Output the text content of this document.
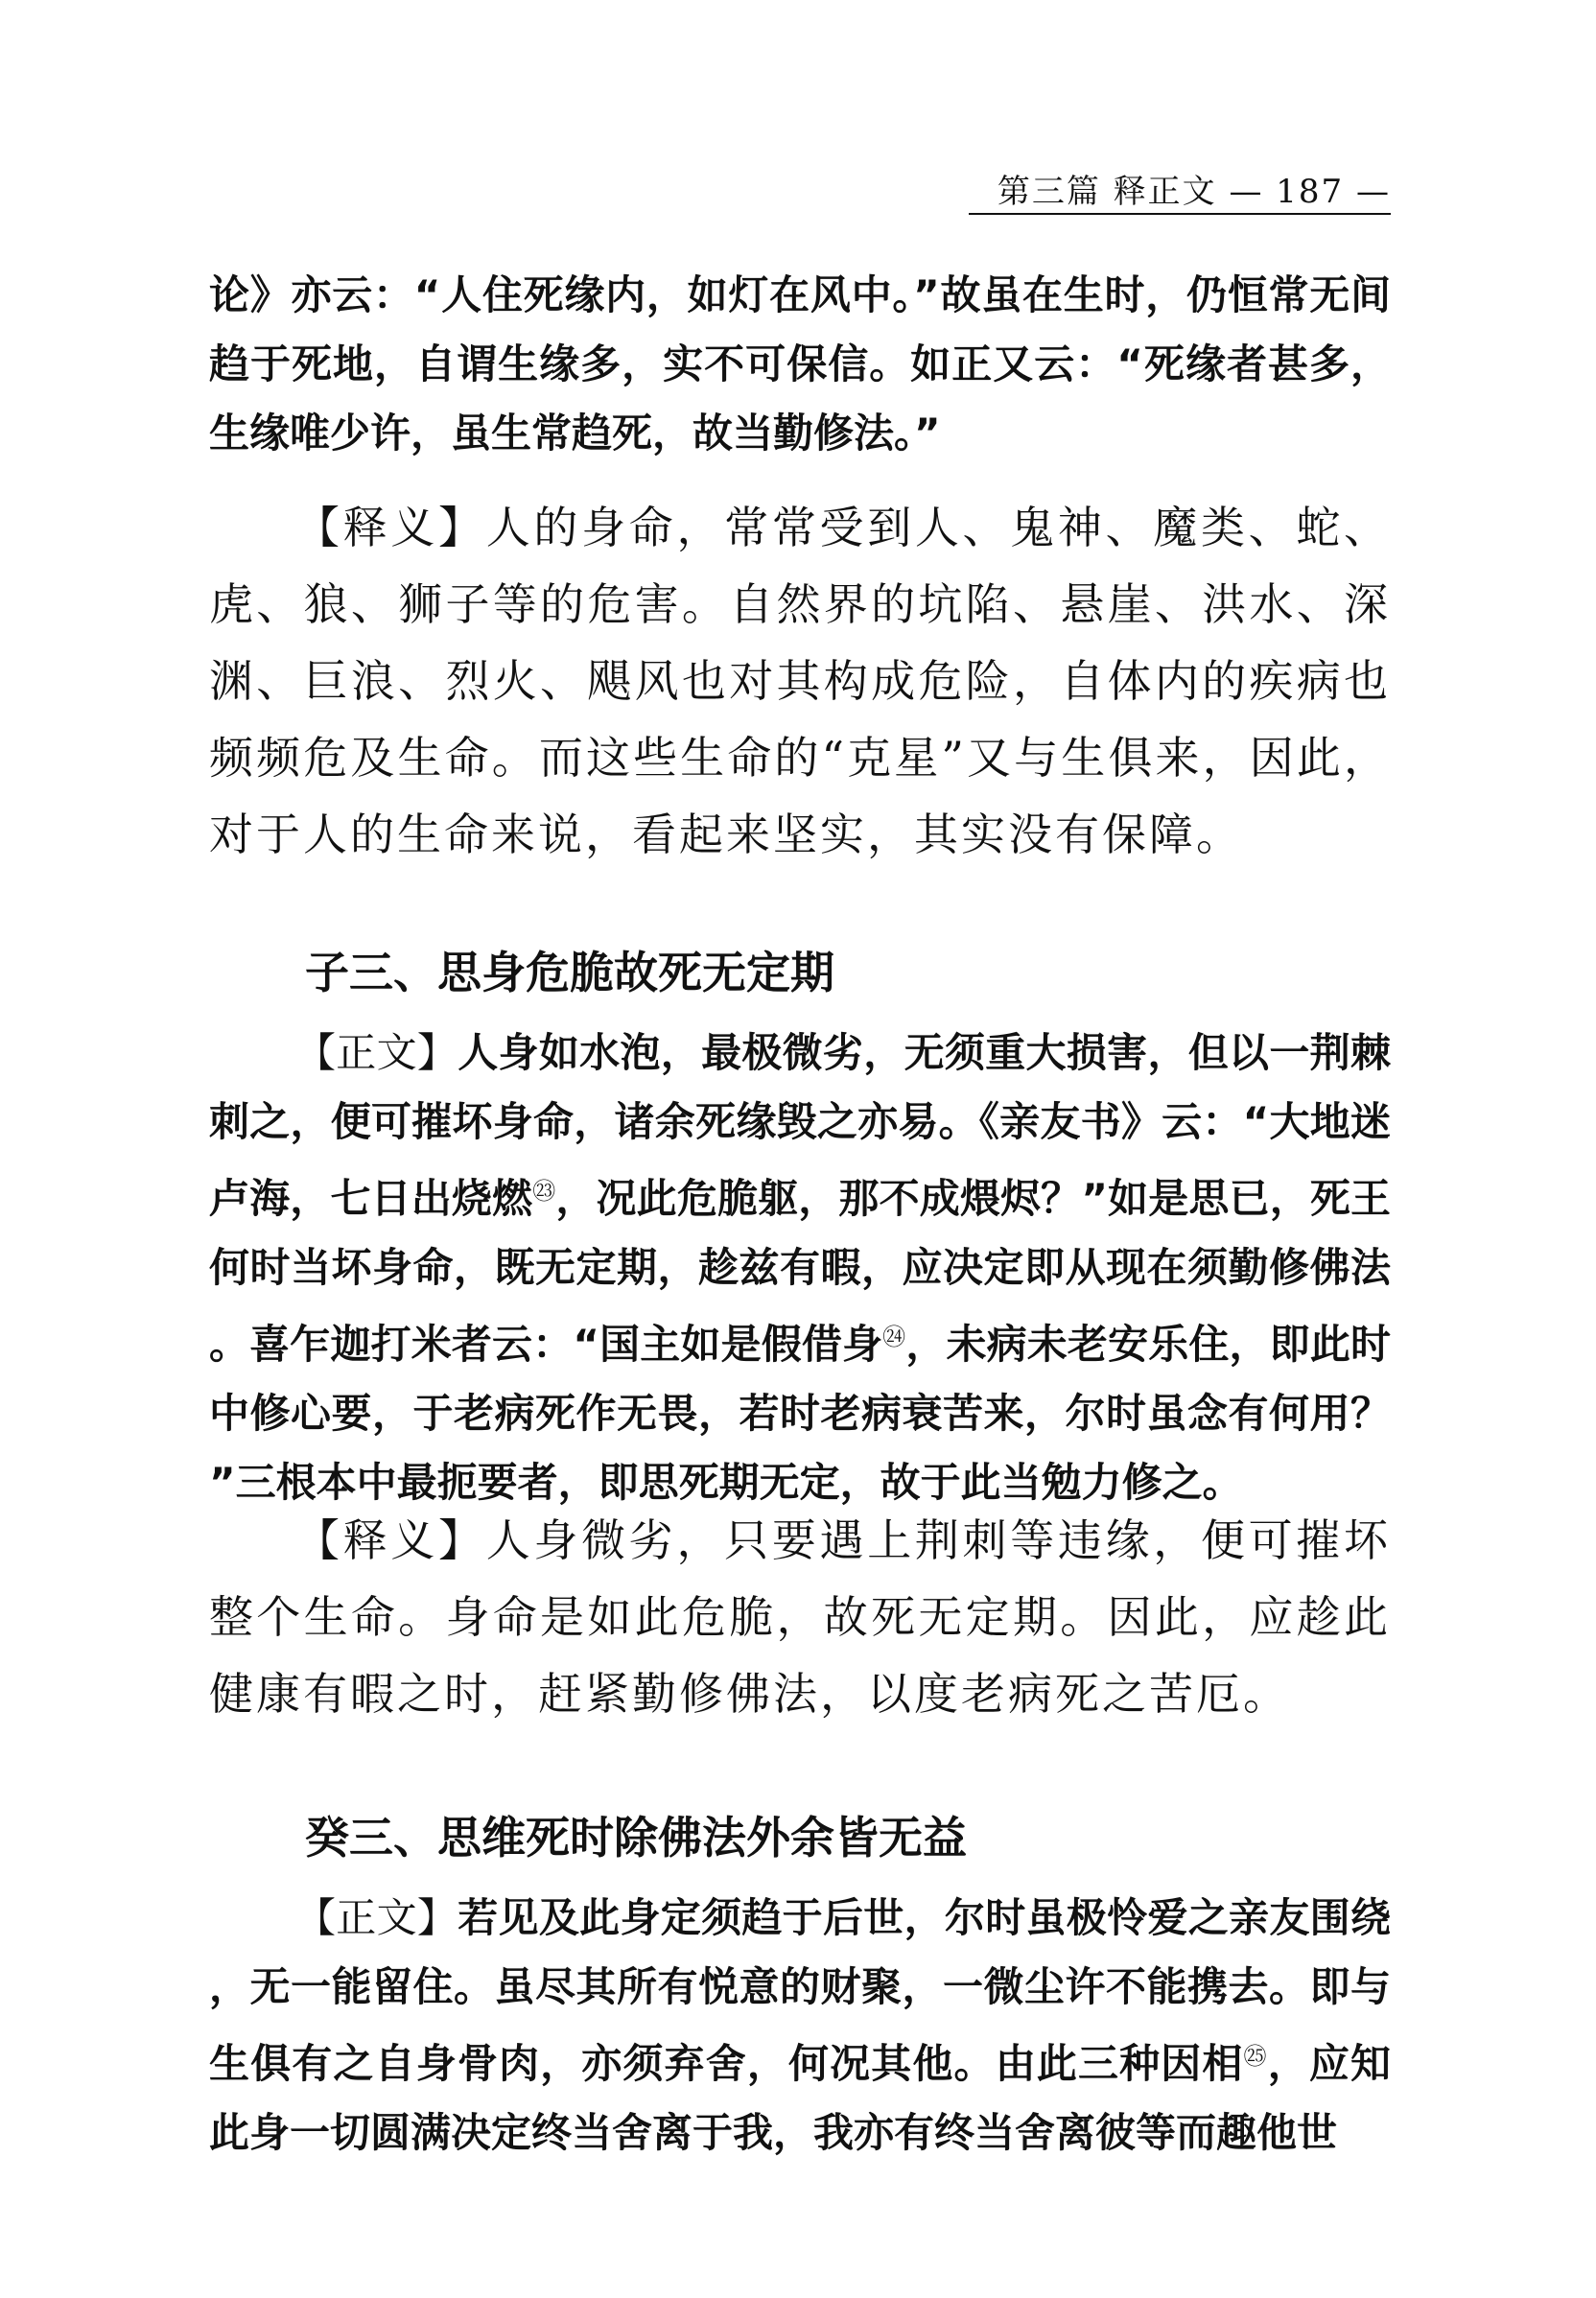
第三篇 释正文 — 187 —

论》亦云：“人住死缘内，如灯在风中。”故虽在生时，仍恒常无间趋于死地，自谓生缘多，实不可保信。如正又云：“死缘者甚多，生缘唯少许，虽生常趋死，故当勤修法。”

【释义】人的身命，常常受到人、鬼神、魔类、蛇、虎、狼、狮子等的危害。自然界的坑陷、悬崖、洪水、深渊、巨浪、烈火、飓风也对其构成危险，自体内的疾病也频频危及生命。而这些生命的“克星”又与生俱来，因此，对于人的生命来说，看起来坚实，其实没有保障。

子三、思身危脆故死无定期

【正文】人身如水泡，最极微劣，无须重大损害，但以一荆棘刺之，便可摧坏身命，诸余死缘毁之亦易。《亲友书》云：“大地迷卢海，七日出烧燃$^㉓$，况此危脆躯，那不成煨烬？”如是思已，死王何时当坏身命，既无定期，趁兹有暇，应决定即从现在须勤修佛法。喜乍迦打米者云：“国主如是假借身$^㉔$，未病未老安乐住，即此时中修心要，于老病死作无畏，若时老病衰苦来，尔时虽念有何用？”三根本中最扼要者，即思死期无定，故于此当勉力修之。

【释义】人身微劣，只要遇上荆刺等违缘，便可摧坏整个生命。身命是如此危脆，故死无定期。因此，应趁此健康有暇之时，赶紧勤修佛法，以度老病死之苦厄。

癸三、思维死时除佛法外余皆无益

【正文】若见及此身定须趋于后世，尔时虽极怜爱之亲友围绕，无一能留住。虽尽其所有悦意的财聚，一微尘许不能携去。即与生俱有之自身骨肉，亦须弃舍，何况其他。由此三种因相$^㉕$，应知此身一切圆满决定终当舍离于我，我亦有终当舍离彼等而趣他世
